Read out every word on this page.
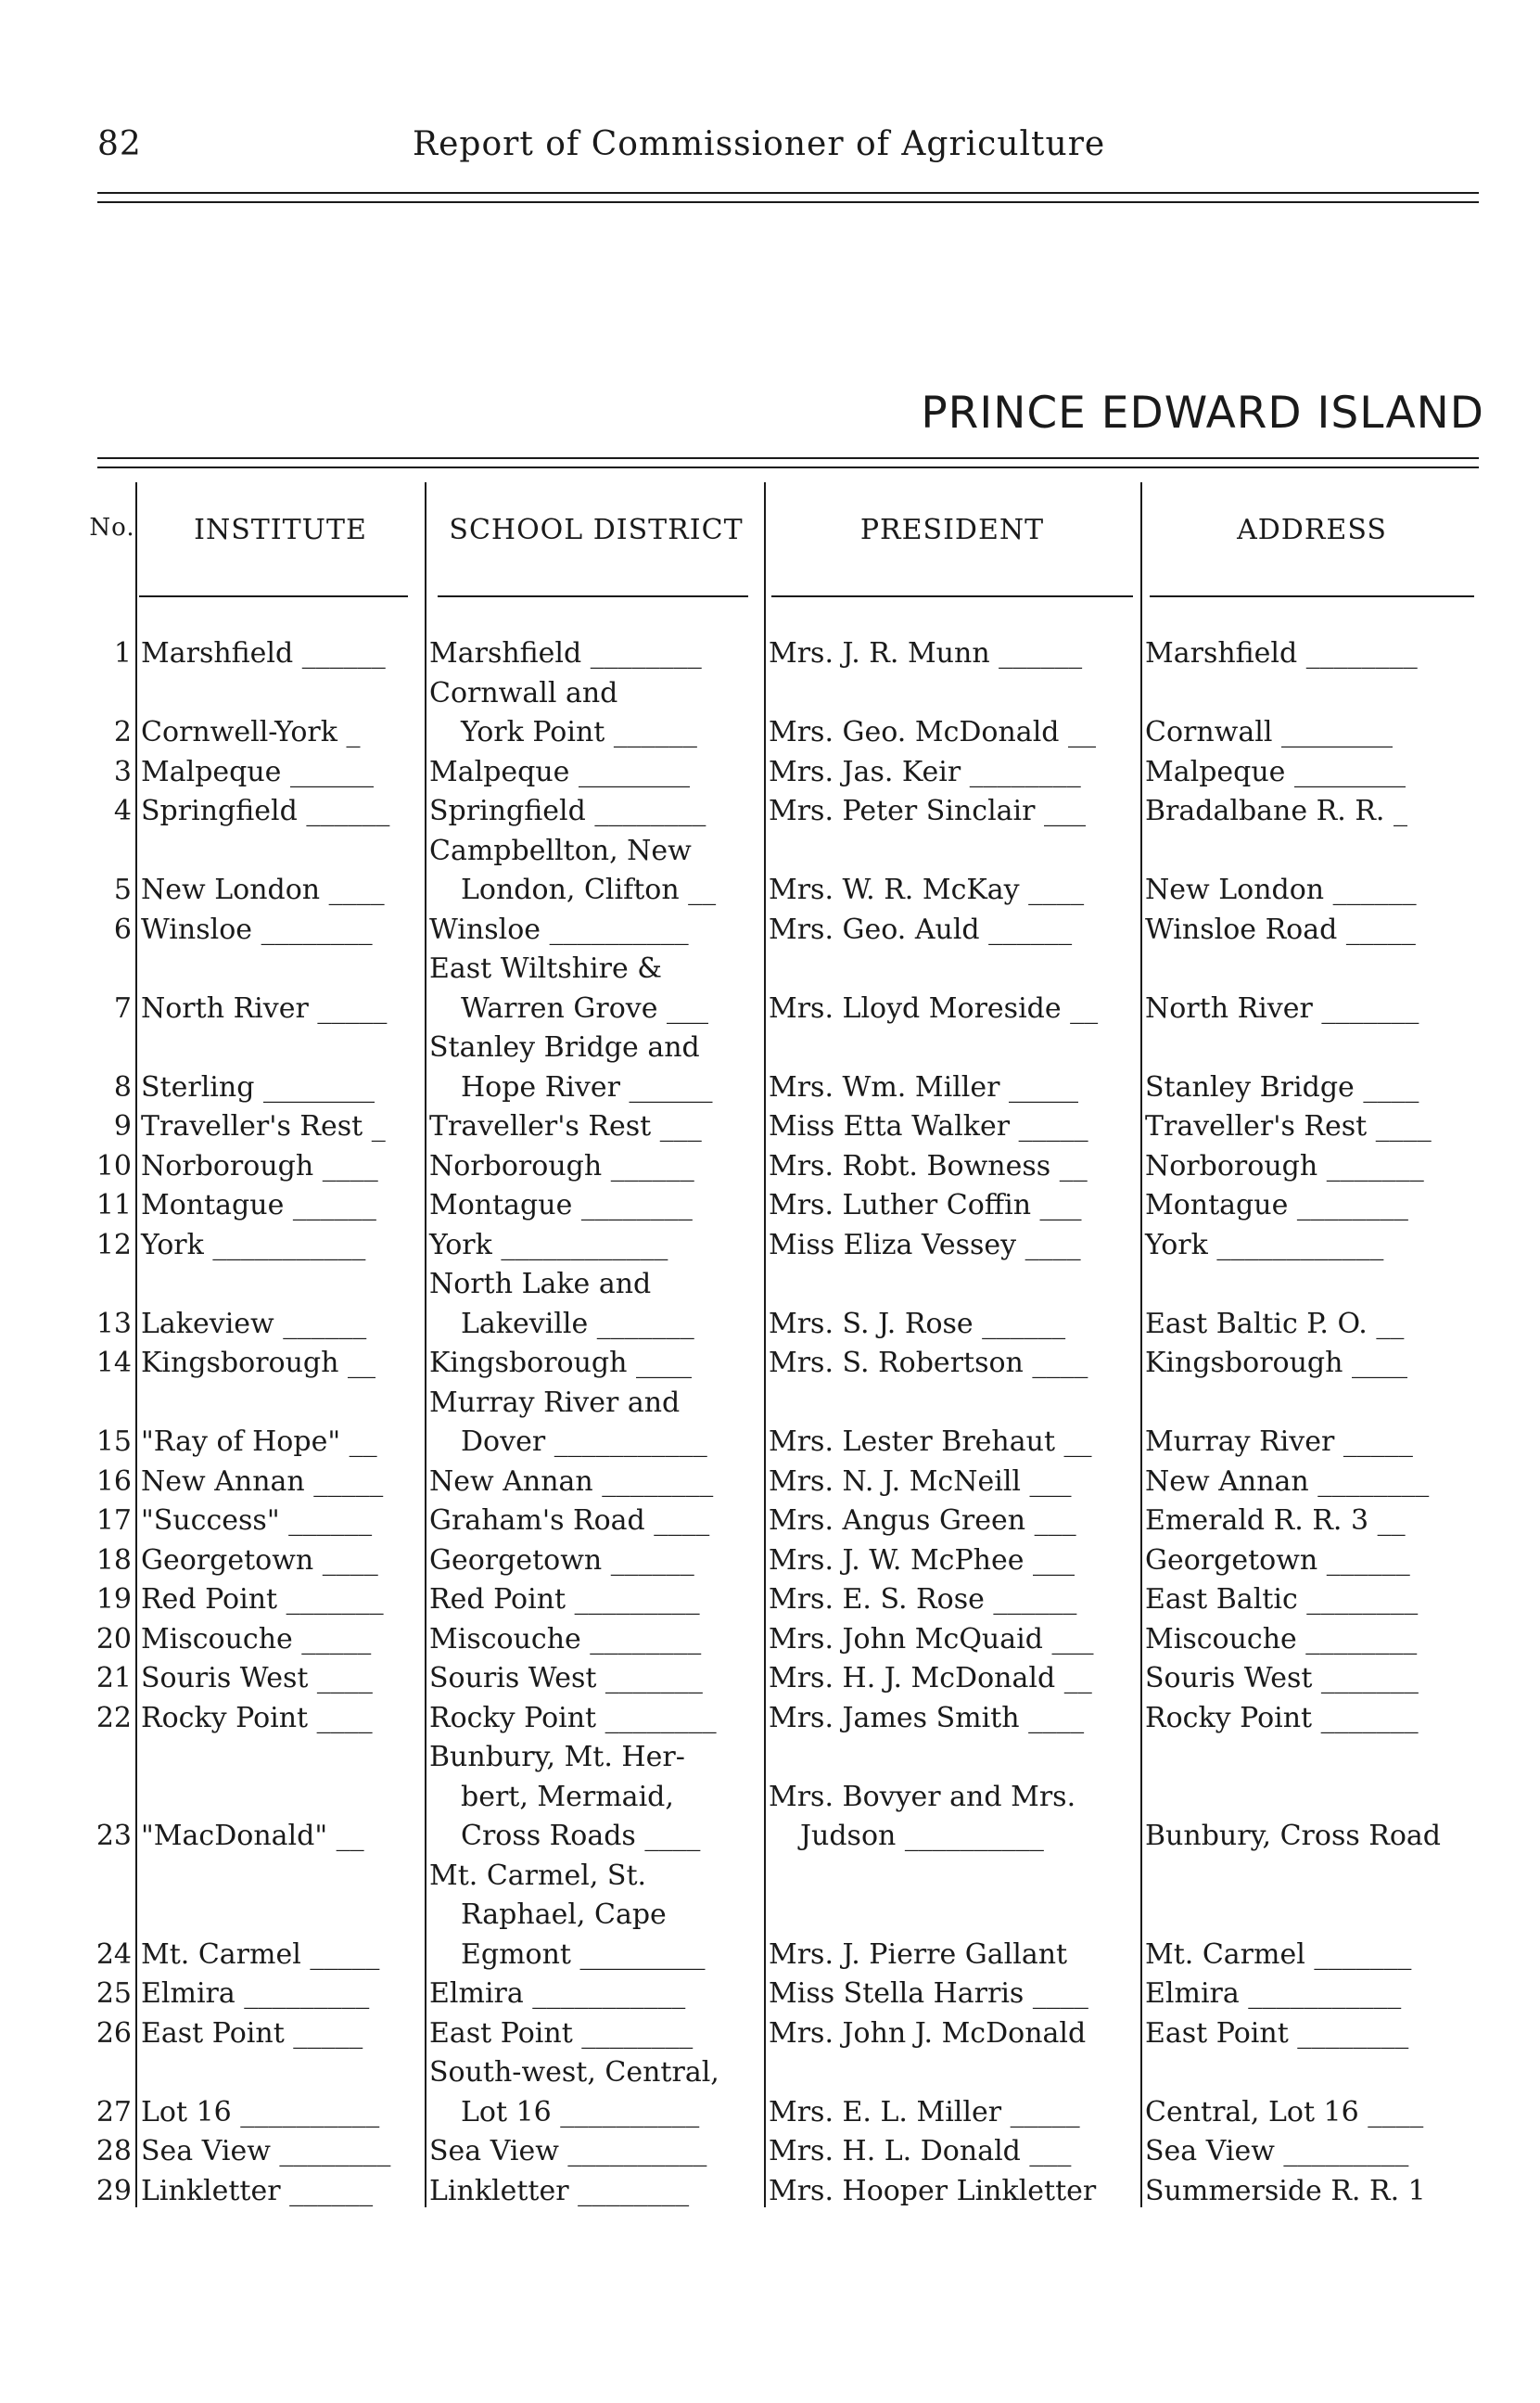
82	Report of Commissioner of Agriculture
PRINCE EDWARD ISLAND
No.	INSTITUTE	SCHOOL DISTRICT	PRESIDENT	ADDRESS
1	Marshfield ______	Marshfield ________	Mrs. J. R. Munn ______	Marshfield ________
2	Cornwell-York _	Cornwall and
York Point ______	Mrs. Geo. McDonald __	Cornwall ________
3	Malpeque ______	Malpeque ________	Mrs. Jas. Keir ________	Malpeque ________
4	Springfield ______	Springfield ________	Mrs. Peter Sinclair ___	Bradalbane R. R. _
5	New London ____	Campbellton, New
London, Clifton __	Mrs. W. R. McKay ____	New London ______
6	Winsloe ________	Winsloe __________	Mrs. Geo. Auld ______	Winsloe Road _____
7	North River _____	East Wiltshire &
Warren Grove ___	Mrs. Lloyd Moreside __	North River _______
8	Sterling ________	Stanley Bridge and
Hope River ______	Mrs. Wm. Miller _____	Stanley Bridge ____
9	Traveller's Rest _	Traveller's Rest ___	Miss Etta Walker _____	Traveller's Rest ____
10	Norborough ____	Norborough ______	Mrs. Robt. Bowness __	Norborough _______
11	Montague ______	Montague ________	Mrs. Luther Coffin ___	Montague ________
12	York ___________	York ____________	Miss Eliza Vessey ____	York ____________
13	Lakeview ______	North Lake and
Lakeville _______	Mrs. S. J. Rose ______	East Baltic P. O. __
14	Kingsborough __	Kingsborough ____	Mrs. S. Robertson ____	Kingsborough ____
15	"Ray of Hope" __	Murray River and
Dover ___________	Mrs. Lester Brehaut __	Murray River _____
16	New Annan _____	New Annan ________	Mrs. N. J. McNeill ___	New Annan ________
17	"Success" ______	Graham's Road ____	Mrs. Angus Green ___	Emerald R. R. 3 __
18	Georgetown ____	Georgetown ______	Mrs. J. W. McPhee ___	Georgetown ______
19	Red Point _______	Red Point _________	Mrs. E. S. Rose ______	East Baltic ________
20	Miscouche _____	Miscouche ________	Mrs. John McQuaid ___	Miscouche ________
21	Souris West ____	Souris West _______	Mrs. H. J. McDonald __	Souris West _______
22	Rocky Point ____	Rocky Point ________	Mrs. James Smith ____	Rocky Point _______
23	"MacDonald" __	Bunbury, Mt. Her-
bert, Mermaid,
Cross Roads ____	Mrs. Bovyer and Mrs.
Judson __________	Bunbury, Cross Road
24	Mt. Carmel _____	Mt. Carmel, St.
Raphael, Cape
Egmont _________	Mrs. J. Pierre Gallant	Mt. Carmel _______
25	Elmira _________	Elmira ___________	Miss Stella Harris ____	Elmira ___________
26	East Point _____	East Point ________	Mrs. John J. McDonald	East Point ________
27	Lot 16 __________	South-west, Central,
Lot 16 __________	Mrs. E. L. Miller _____	Central, Lot 16 ____
28	Sea View ________	Sea View __________	Mrs. H. L. Donald ___	Sea View _________
29	Linkletter ______	Linkletter ________	Mrs. Hooper Linkletter	Summerside R. R. 1
